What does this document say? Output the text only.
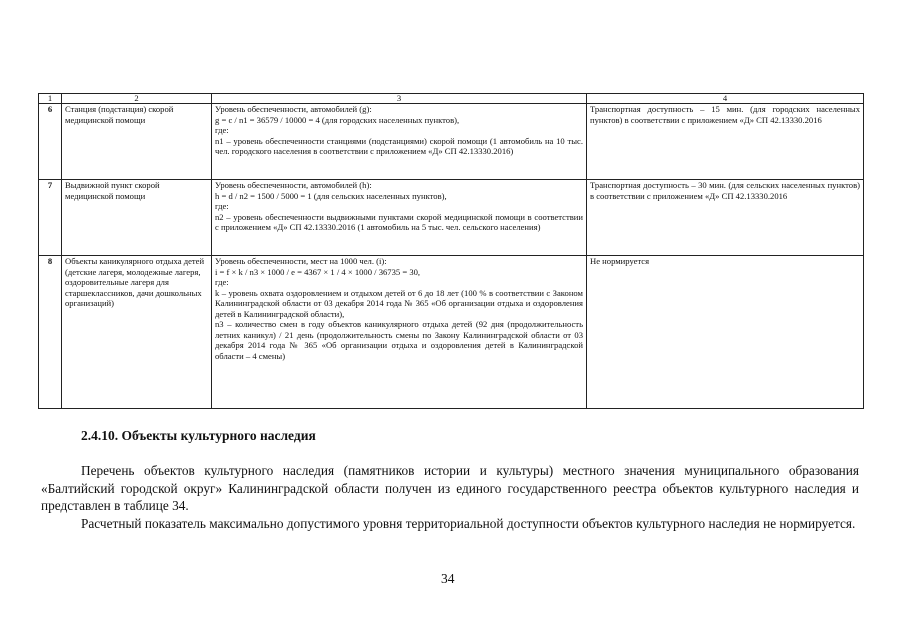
1	2	3	4
6	Станция (подстанция) скорой медицинской помощи	Уровень обеспеченности, автомобилей (g):
g = c / n1 = 36579 / 10000 = 4 (для городских населенных пунктов),
где:
n1 – уровень обеспеченности станциями (подстанциями) скорой помощи (1 автомобиль на 10 тыс. чел. городского населения в соответствии с приложением «Д» СП 42.13330.2016)	Транспортная доступность – 15 мин. (для городских населенных пунктов) в соответствии с приложением «Д» СП 42.13330.2016
7	Выдвижной пункт скорой медицинской помощи	Уровень обеспеченности, автомобилей (h):
h = d / n2 = 1500 / 5000 = 1 (для сельских населенных пунктов),
где:
n2 – уровень обеспеченности выдвижными пунктами скорой медицинской помощи в соответствии с приложением «Д» СП 42.13330.2016 (1 автомобиль на 5 тыс. чел. сельского населения)	Транспортная доступность – 30 мин. (для сельских населенных пунктов) в соответствии с приложением «Д» СП 42.13330.2016
8	Объекты каникулярного отдыха детей (детские лагеря, молодежные лагеря, оздоровительные лагеря для старшеклассников, дачи дошкольных организаций)	Уровень обеспеченности, мест на 1000 чел. (i):
i = f × k / n3 × 1000 / e = 4367 × 1 / 4 × 1000 / 36735 = 30,
где:
k – уровень охвата оздоровлением и отдыхом детей от 6 до 18 лет (100 % в соответствии с Законом Калининградской области от 03 декабря 2014 года № 365 «Об организации отдыха и оздоровления детей в Калининградской области),
n3 – количество смен в году объектов каникулярного отдыха детей (92 дня (продолжительность летних каникул) / 21 день (продолжительность смены по Закону Калининградской области от 03 декабря 2014 года № 365 «Об организации отдыха и оздоровления детей в Калининградской области – 4 смены)	Не нормируется
2.4.10. Объекты культурного наследия

Перечень объектов культурного наследия (памятников истории и культуры) местного значения муниципального образования «Балтийский городской округ» Калининградской области получен из единого государственного реестра объектов культурного наследия и представлен в таблице 34.

Расчетный показатель максимально допустимого уровня территориальной доступности объектов культурного наследия не нормируется.

34
